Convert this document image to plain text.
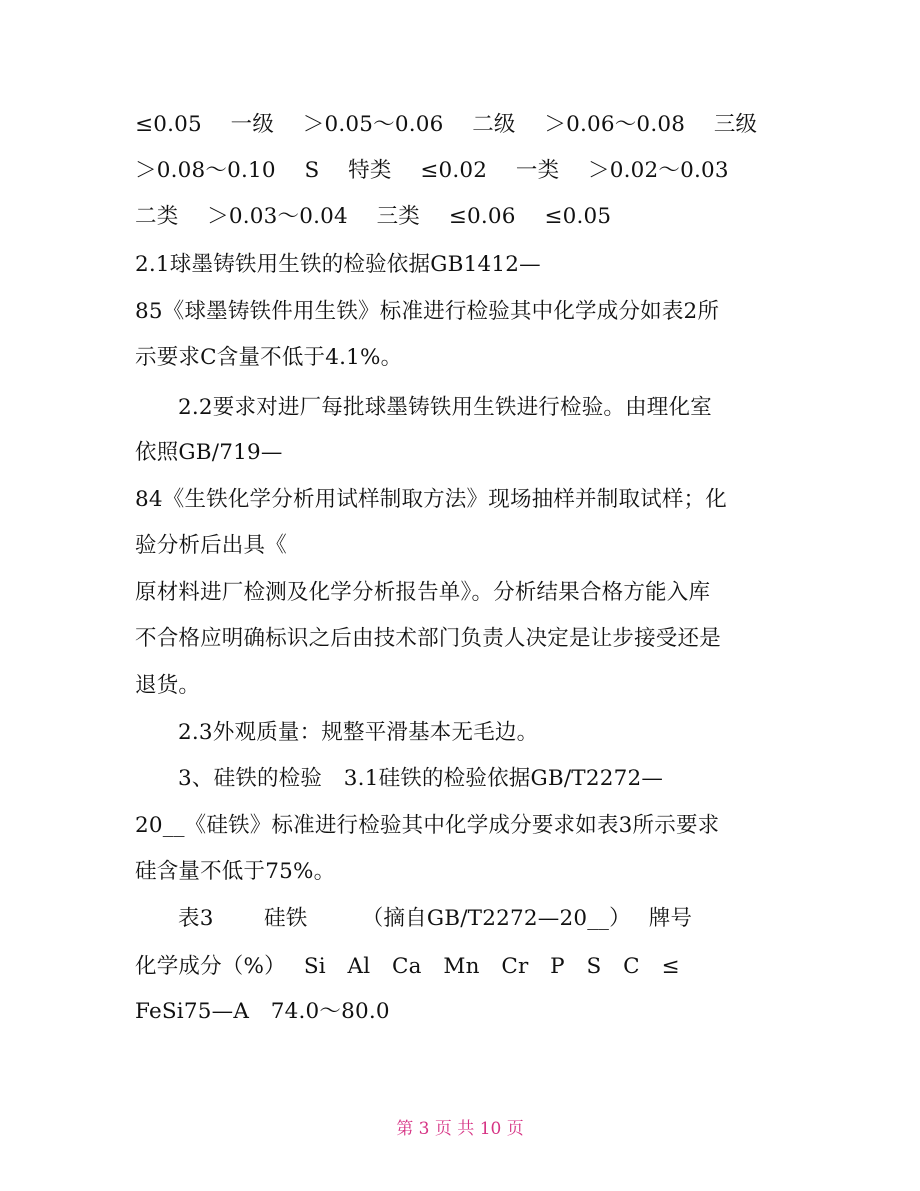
≤0.05　 一级　 ＞0.05～0.06　 二级　 ＞0.06～0.08　 三级
＞0.08～0.10　 S　 特类　 ≤0.02　 一类　 ＞0.02～0.03
二类　 ＞0.03～0.04　 三类　 ≤0.06　 ≤0.05
2.1球墨铸铁用生铁的检验依据GB1412—
85《球墨铸铁件用生铁》标准进行检验其中化学成分如表2所
示要求C含量不低于4.1%。
2.2要求对进厂每批球墨铸铁用生铁进行检验。由理化室
依照GB/719—
84《生铁化学分析用试样制取方法》现场抽样并制取试样；化
验分析后出具《
原材料进厂检测及化学分析报告单》。分析结果合格方能入库
不合格应明确标识之后由技术部门负责人决定是让步接受还是
退货。
2.3外观质量：规整平滑基本无毛边。
3、硅铁的检验　3.1硅铁的检验依据GB/T2272—
20__《硅铁》标准进行检验其中化学成分要求如表3所示要求
硅含量不低于75%。
表3　　 硅铁　　　（摘自GB/T2272—20__）　 牌号
化学成分（%）　 Si　Al　Ca　Mn　Cr　P　S　C　≤
FeSi75—A　74.0～80.0
第 3 页 共 10 页
